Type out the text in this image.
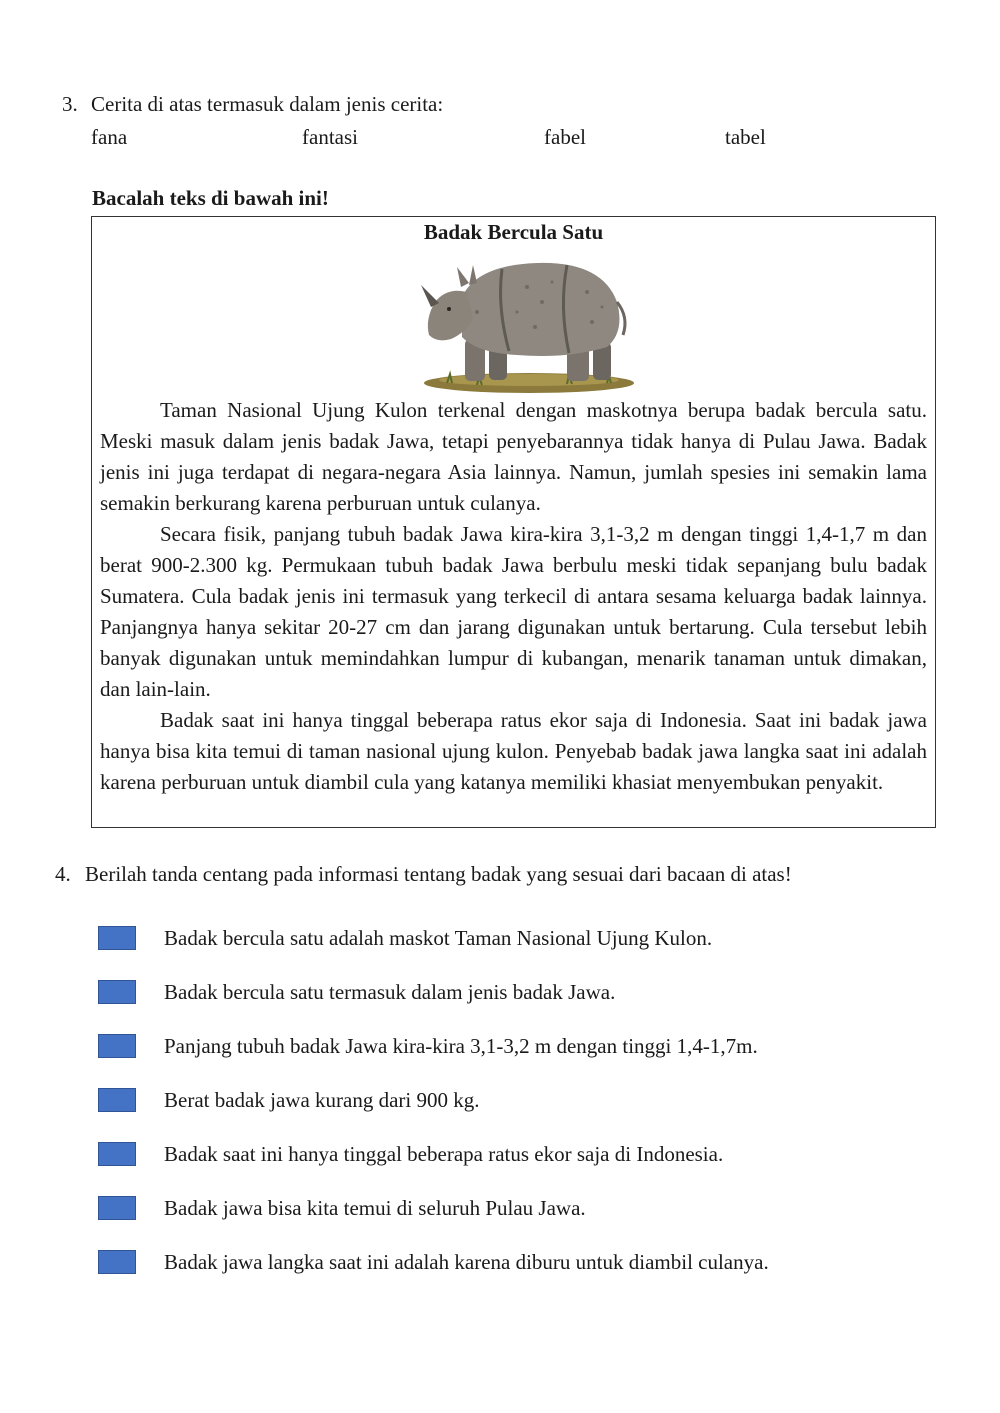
3. Cerita di atas termasuk dalam jenis cerita:
fana	fantasi	fabel	tabel
Bacalah teks di bawah ini!
Badak Bercula Satu

Taman Nasional Ujung Kulon terkenal dengan maskotnya berupa badak bercula satu. Meski masuk dalam jenis badak Jawa, tetapi penyebarannya tidak hanya di Pulau Jawa. Badak jenis ini juga terdapat di negara-negara Asia lainnya. Namun, jumlah spesies ini semakin lama semakin berkurang karena perburuan untuk culanya.

Secara fisik, panjang tubuh badak Jawa kira-kira 3,1-3,2 m dengan tinggi 1,4-1,7 m dan berat 900-2.300 kg. Permukaan tubuh badak Jawa berbulu meski tidak sepanjang bulu badak Sumatera. Cula badak jenis ini termasuk yang terkecil di antara sesama keluarga badak lainnya. Panjangnya hanya sekitar 20-27 cm dan jarang digunakan untuk bertarung. Cula tersebut lebih banyak digunakan untuk memindahkan lumpur di kubangan, menarik tanaman untuk dimakan, dan lain-lain.

Badak saat ini hanya tinggal beberapa ratus ekor saja di Indonesia. Saat ini badak jawa hanya bisa kita temui di taman nasional ujung kulon. Penyebab badak jawa langka saat ini adalah karena perburuan untuk diambil cula yang katanya memiliki khasiat menyembukan penyakit.

4. Berilah tanda centang pada informasi tentang badak yang sesuai dari bacaan di atas!
Badak bercula satu adalah maskot Taman Nasional Ujung Kulon.
Badak bercula satu termasuk dalam jenis badak Jawa.
Panjang tubuh badak Jawa kira-kira 3,1-3,2 m dengan tinggi 1,4-1,7m.
Berat badak jawa kurang dari 900 kg.
Badak saat ini hanya tinggal beberapa ratus ekor saja di Indonesia.
Badak jawa bisa kita temui di seluruh Pulau Jawa.
Badak jawa langka saat ini adalah karena diburu untuk diambil culanya.
